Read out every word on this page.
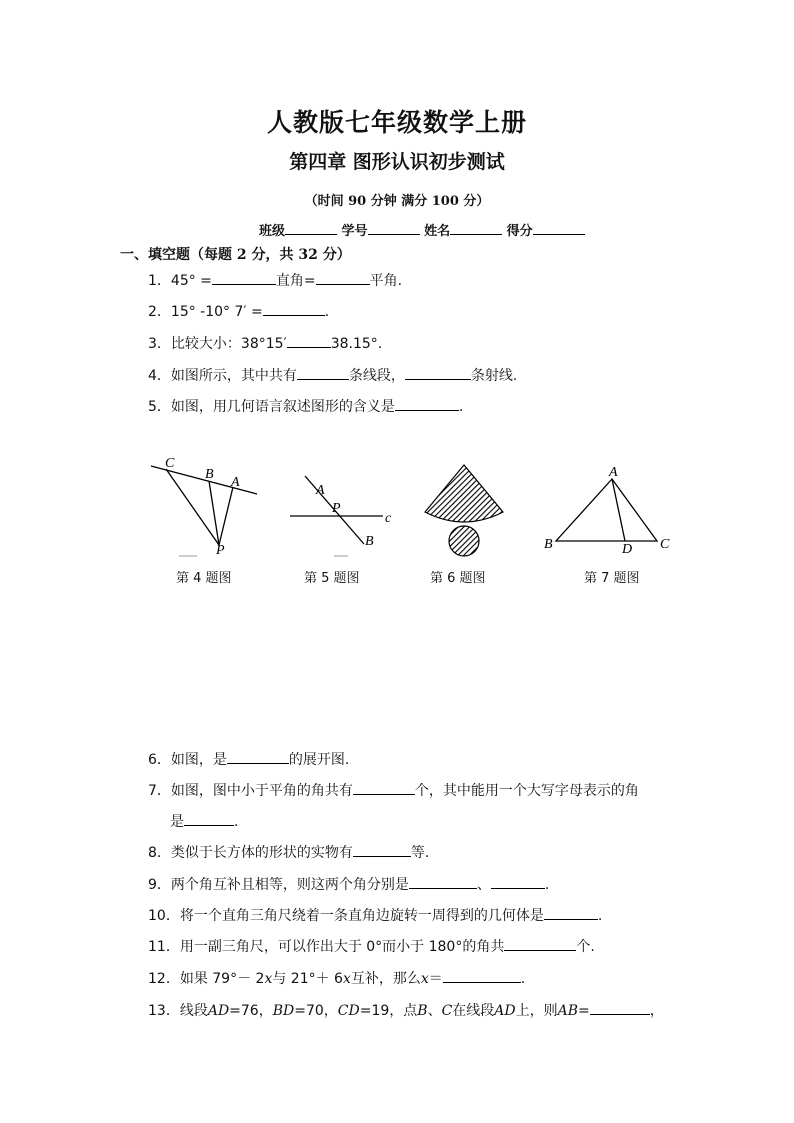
人教版七年级数学上册
第四章 图形认识初步测试
（时间 90 分钟 满分 100 分）
班级	学号	姓名	得分
一、填空题（每题 2 分，共 32 分）
1．45° =	直角=	平角.
2．15° -10° 7′ =	.
3．比较大小：38°15′	38.15°.
4．如图所示，其中共有	条线段，	条射线.
5．如图，用几何语言叙述图形的含义是	.
C
B
A
P
A
P
c
B
A
B	D C
第 4 题图	第 5 题图	第 6 题图	第 7 题图
6．如图，是	的展开图.
7．如图，图中小于平角的角共有	个，其中能用一个大写字母表示的角
是	.
8．类似于长方体的形状的实物有	等.
9．两个角互补且相等，则这两个角分别是	、	.
10．将一个直角三角尺绕着一条直角边旋转一周得到的几何体是	.
11．用一副三角尺，可以作出大于 0°而小于 180°的角共	个.
12．如果 79°－ 2x与 21°＋ 6x互补，那么x＝	.
13．线段AD=76，BD=70，CD=19，点B、C在线段AD上，则AB=	，
